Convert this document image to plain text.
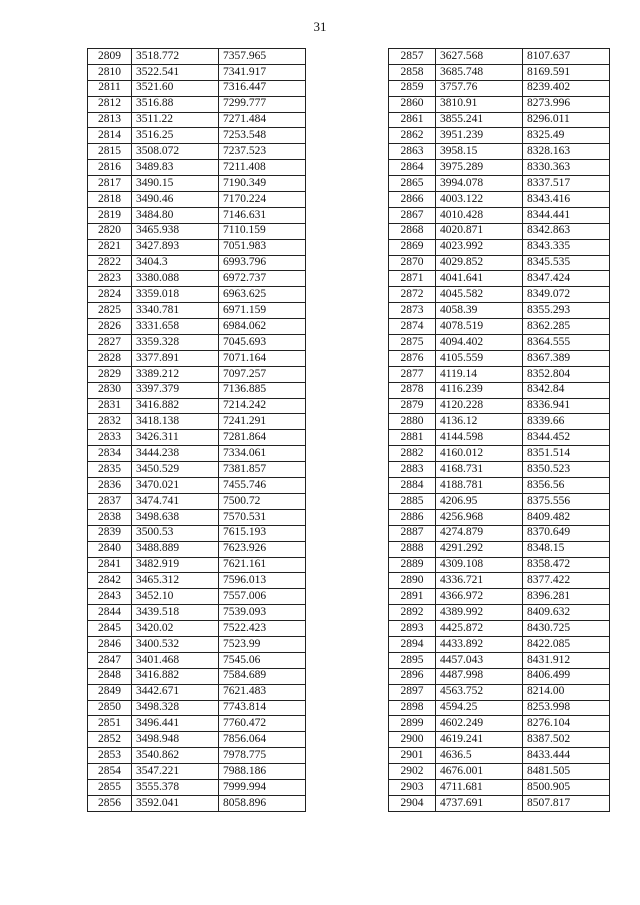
31
2809	3518.772	7357.965
2810	3522.541	7341.917
2811	3521.60	7316.447
2812	3516.88	7299.777
2813	3511.22	7271.484
2814	3516.25	7253.548
2815	3508.072	7237.523
2816	3489.83	7211.408
2817	3490.15	7190.349
2818	3490.46	7170.224
2819	3484.80	7146.631
2820	3465.938	7110.159
2821	3427.893	7051.983
2822	3404.3	6993.796
2823	3380.088	6972.737
2824	3359.018	6963.625
2825	3340.781	6971.159
2826	3331.658	6984.062
2827	3359.328	7045.693
2828	3377.891	7071.164
2829	3389.212	7097.257
2830	3397.379	7136.885
2831	3416.882	7214.242
2832	3418.138	7241.291
2833	3426.311	7281.864
2834	3444.238	7334.061
2835	3450.529	7381.857
2836	3470.021	7455.746
2837	3474.741	7500.72
2838	3498.638	7570.531
2839	3500.53	7615.193
2840	3488.889	7623.926
2841	3482.919	7621.161
2842	3465.312	7596.013
2843	3452.10	7557.006
2844	3439.518	7539.093
2845	3420.02	7522.423
2846	3400.532	7523.99
2847	3401.468	7545.06
2848	3416.882	7584.689
2849	3442.671	7621.483
2850	3498.328	7743.814
2851	3496.441	7760.472
2852	3498.948	7856.064
2853	3540.862	7978.775
2854	3547.221	7988.186
2855	3555.378	7999.994
2856	3592.041	8058.896
2857	3627.568	8107.637
2858	3685.748	8169.591
2859	3757.76	8239.402
2860	3810.91	8273.996
2861	3855.241	8296.011
2862	3951.239	8325.49
2863	3958.15	8328.163
2864	3975.289	8330.363
2865	3994.078	8337.517
2866	4003.122	8343.416
2867	4010.428	8344.441
2868	4020.871	8342.863
2869	4023.992	8343.335
2870	4029.852	8345.535
2871	4041.641	8347.424
2872	4045.582	8349.072
2873	4058.39	8355.293
2874	4078.519	8362.285
2875	4094.402	8364.555
2876	4105.559	8367.389
2877	4119.14	8352.804
2878	4116.239	8342.84
2879	4120.228	8336.941
2880	4136.12	8339.66
2881	4144.598	8344.452
2882	4160.012	8351.514
2883	4168.731	8350.523
2884	4188.781	8356.56
2885	4206.95	8375.556
2886	4256.968	8409.482
2887	4274.879	8370.649
2888	4291.292	8348.15
2889	4309.108	8358.472
2890	4336.721	8377.422
2891	4366.972	8396.281
2892	4389.992	8409.632
2893	4425.872	8430.725
2894	4433.892	8422.085
2895	4457.043	8431.912
2896	4487.998	8406.499
2897	4563.752	8214.00
2898	4594.25	8253.998
2899	4602.249	8276.104
2900	4619.241	8387.502
2901	4636.5	8433.444
2902	4676.001	8481.505
2903	4711.681	8500.905
2904	4737.691	8507.817
